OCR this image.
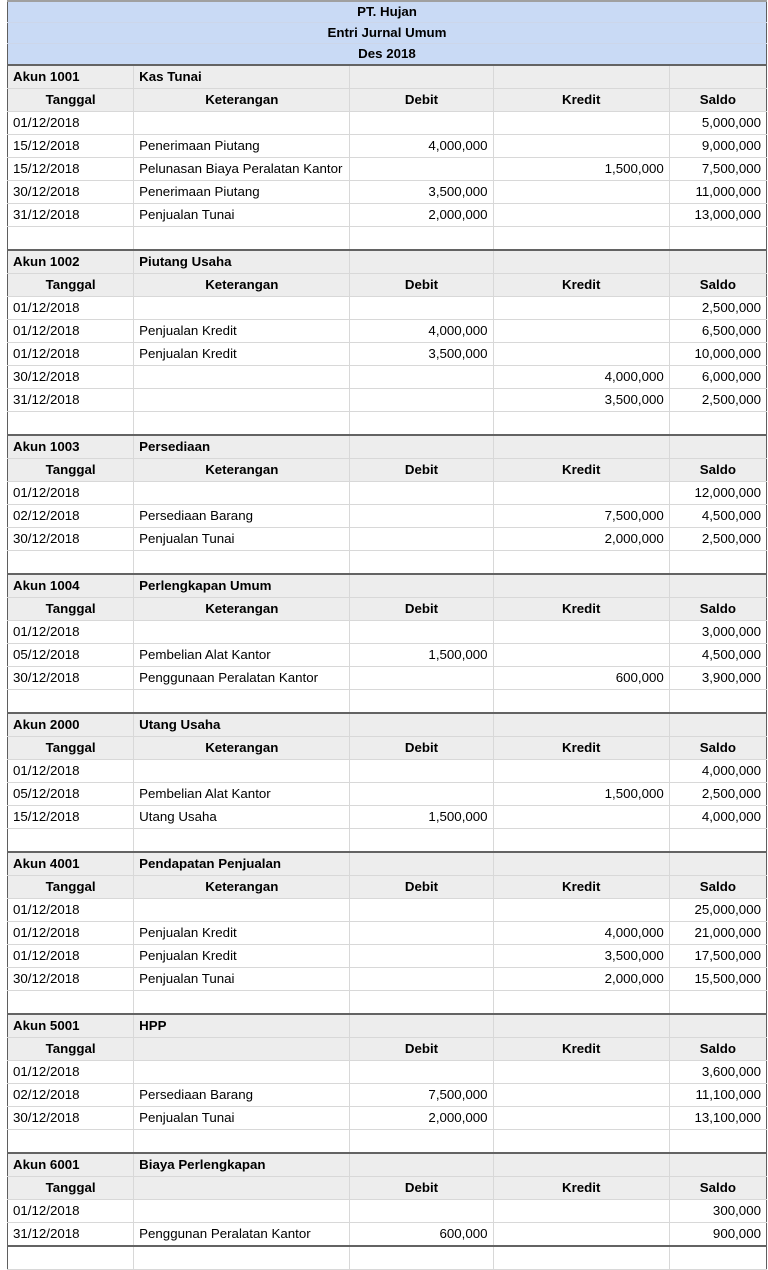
PT. Hujan				
Entri Jurnal Umum				
Des 2018				
Akun 1001	Kas Tunai			
Tanggal	Keterangan	Debit	Kredit	Saldo
01/12/2018				5,000,000
15/12/2018	Penerimaan Piutang	4,000,000		9,000,000
15/12/2018	Pelunasan Biaya Peralatan Kantor		1,500,000	7,500,000
30/12/2018	Penerimaan Piutang	3,500,000		11,000,000
31/12/2018	Penjualan Tunai	2,000,000		13,000,000

Akun 1002	Piutang Usaha			
Tanggal	Keterangan	Debit	Kredit	Saldo
01/12/2018				2,500,000
01/12/2018	Penjualan Kredit	4,000,000		6,500,000
01/12/2018	Penjualan Kredit	3,500,000		10,000,000
30/12/2018			4,000,000	6,000,000
31/12/2018			3,500,000	2,500,000

Akun 1003	Persediaan			
Tanggal	Keterangan	Debit	Kredit	Saldo
01/12/2018				12,000,000
02/12/2018	Persediaan Barang		7,500,000	4,500,000
30/12/2018	Penjualan Tunai		2,000,000	2,500,000

Akun 1004	Perlengkapan Umum			
Tanggal	Keterangan	Debit	Kredit	Saldo
01/12/2018				3,000,000
05/12/2018	Pembelian Alat Kantor	1,500,000		4,500,000
30/12/2018	Penggunaan Peralatan Kantor		600,000	3,900,000

Akun 2000	Utang Usaha			
Tanggal	Keterangan	Debit	Kredit	Saldo
01/12/2018				4,000,000
05/12/2018	Pembelian Alat Kantor		1,500,000	2,500,000
15/12/2018	Utang Usaha	1,500,000		4,000,000

Akun 4001	Pendapatan Penjualan			
Tanggal	Keterangan	Debit	Kredit	Saldo
01/12/2018				25,000,000
01/12/2018	Penjualan Kredit		4,000,000	21,000,000
01/12/2018	Penjualan Kredit		3,500,000	17,500,000
30/12/2018	Penjualan Tunai		2,000,000	15,500,000

Akun 5001	HPP			
Tanggal		Debit	Kredit	Saldo
01/12/2018				3,600,000
02/12/2018	Persediaan Barang	7,500,000		11,100,000
30/12/2018	Penjualan Tunai	2,000,000		13,100,000

Akun 6001	Biaya Perlengkapan			
Tanggal		Debit	Kredit	Saldo
01/12/2018				300,000
31/12/2018	Penggunan Peralatan Kantor	600,000		900,000
